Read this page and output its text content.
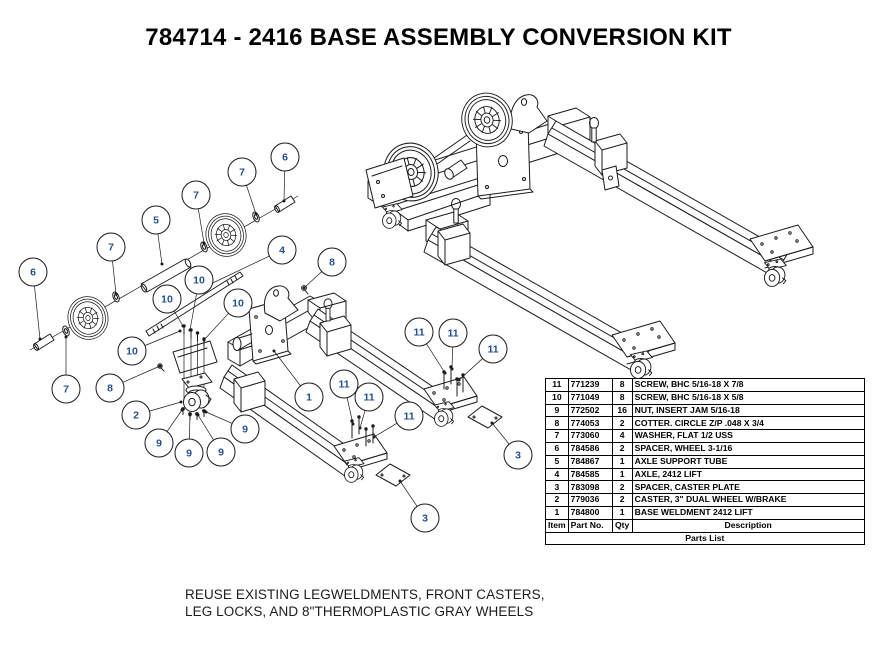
784714 - 2416 BASE ASSEMBLY CONVERSION KIT
6
7
7
5
7
7
6
4
8
10
10
10
10
8
2
9
9 9
9
1
11
11
11
11 11
11
3
3
11	771239	8	SCREW, BHC 5/16-18 X 7/8
10	771049	8	SCREW, BHC 5/16-18 X 5/8
9	772502	16	NUT, INSERT JAM 5/16-18
8	774053	2	COTTER. CIRCLE Z/P .048 X 3/4
7	773060	4	WASHER, FLAT 1/2 USS
6	784586	2	SPACER, WHEEL 3-1/16
5	784867	1	AXLE SUPPORT TUBE
4	784585	1	AXLE, 2412 LIFT
3	783098	2	SPACER, CASTER PLATE
2	779036	2	CASTER, 3" DUAL WHEEL W/BRAKE
1	784800	1	BASE WELDMENT 2412 LIFT
Item	Part No.	Qty	Description
Parts List			
REUSE EXISTING LEGWELDMENTS, FRONT CASTERS,
LEG LOCKS, AND 8"THERMOPLASTIC GRAY WHEELS
